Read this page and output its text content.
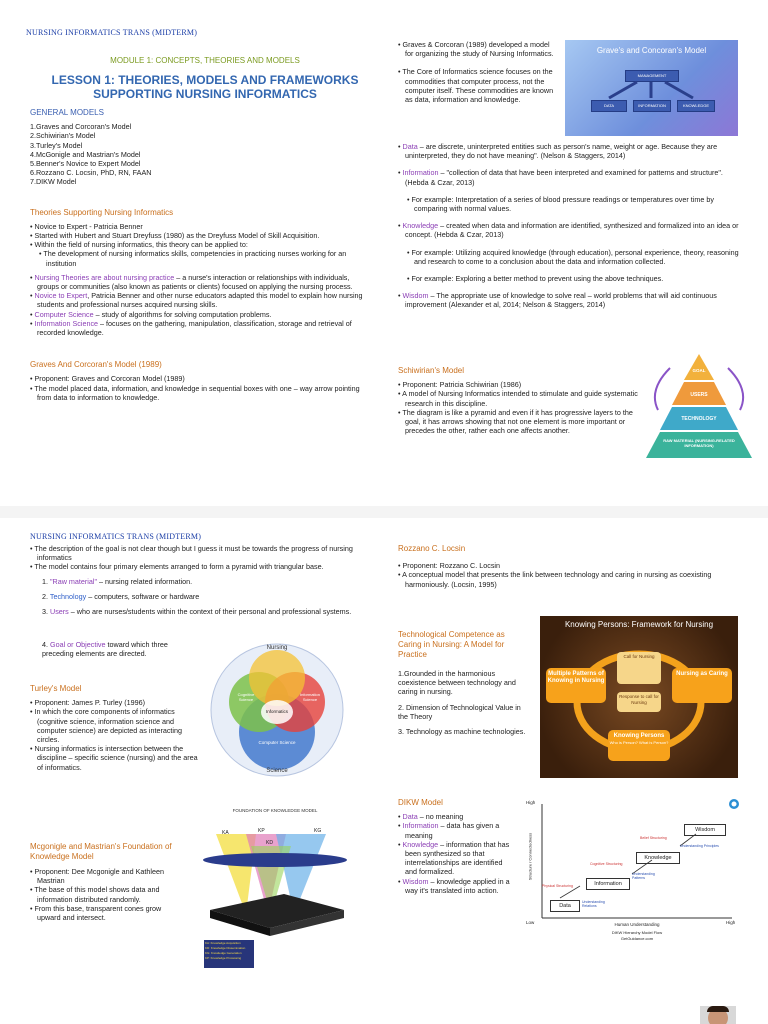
NURSING INFORMATICS TRANS (MIDTERM)
MODULE 1: CONCEPTS, THEORIES AND MODELS
LESSON 1: THEORIES, MODELS AND FRAMEWORKS
SUPPORTING NURSING INFORMATICS
GENERAL MODELS
1.Graves and Corcoran's Model
2.Schiwirian's Model
3.Turley's Model
4.McGonigle and Mastrian's Model
5.Benner's Novice to Expert Model
6.Rozzano C. Locsin, PhD, RN, FAAN
7.DIKW Model
Theories Supporting Nursing Informatics
• Novice to Expert - Patricia Benner
• Started with Hubert and Stuart Dreyfuss (1980) as the Dreyfuss Model of Skill Acquisition.
• Within the field of nursing informatics, this theory can be applied to:
• The development of nursing informatics skills, competencies in practicing nurses working for an institution
• Nursing Theories are about nursing practice – a nurse's interaction or relationships with individuals, groups or communities (also known as patients or clients) focused on applying the nursing process.
• Novice to Expert, Patricia Benner and other nurse educators adapted this model to explain how nursing students and professional nurses acquired nursing skills.
• Computer Science – study of algorithms for solving computation problems.
• Information Science – focuses on the gathering, manipulation, classification, storage and retrieval of recorded knowledge.
Graves And Corcoran's Model (1989)
• Proponent: Graves and Corcoran Model (1989)
• The model placed data, information, and knowledge in sequential boxes with one – way arrow pointing from data to information to knowledge.
• Graves & Corcoran (1989) developed a model for organizing the study of Nursing Informatics.
• The Core of Informatics science focuses on the commodities that computer process, not the computer itself. These commodities are known as data, information and knowledge.
Grave's and Concoran's Model
MANAGEMENT
DATA	INFORMATION	KNOWLEDGE
• Data – are discrete, uninterpreted entities such as person's name, weight or age. Because they are uninterpreted, they do not have meaning". (Nelson & Staggers, 2014)
• Information – "collection of data that have been interpreted and examined for patterns and structure".(Hebda & Czar, 2013)
• For example: Interpretation of a series of blood pressure readings or temperatures over time by comparing with normal values.
• Knowledge – created when data and information are identified, synthesized and formalized into an idea or concept. (Hebda & Czar, 2013)
• For example: Utilizing acquired knowledge (through education), personal experience, theory, reasoning and research to come to a conclusion about the data and information collected.
• For example: Exploring a better method to prevent using the above techniques.
• Wisdom – The appropriate use of knowledge to solve real – world problems that will aid continuous improvement (Alexander et al, 2014; Nelson & Staggers, 2014)
Schiwirian's Model
• Proponent: Patricia Schiwirian (1986)
• A model of Nursing Informatics intended to stimulate and guide systematic research in this discipline.
• The diagram is like a pyramid and even if it has progressive layers to the goal, it has arrows showing that not one element is more important or precedes the other, rather each one affects another.
GOAL
USERS
TECHNOLOGY
RAW MATERIAL (NURSING-RELATED INFORMATION)
NURSING INFORMATICS TRANS (MIDTERM)
• The description of the goal is not clear though but I guess it must be towards the progress of nursing informatics
• The model contains four primary elements arranged to form a pyramid with triangular base.

1. "Raw material" – nursing related information.

2. Technology – computers, software or hardware

3. Users – who are nurses/students within the context of their personal and professional systems.

4. Goal or Objective toward which three preceding elements are directed.

Turley's Model
• Proponent: James P. Turley (1996)
• In which the core components of informatics (cognitive science, information science and computer science) are depicted as interacting circles.
• Nursing informatics is intersection between the discipline – specific science (nursing) and the area of informatics.
Nursing
Cognitive Science
Information Science
Informatics
Computer Science
Science
Mcgonigle and Mastrian's Foundation of Knowledge Model
• Proponent: Dee Mcgonigle and Kathleen Mastrian
• The base of this model shows data and information distributed randomly.
• From this base, transparent cones grow upward and intersect.
FOUNDATION OF KNOWLEDGE MODEL
KA	KP
KD
KG
KA: Knowledge Acquisition
KD: Knowledge Dissemination
KG: Knowledge Generation
KP: Knowledge Processing
Rozzano C. Locsin
• Proponent: Rozzano C. Locsin
• A conceptual model that presents the link between technology and caring in nursing as coexisting harmoniously. (Locsin, 1995)
Technological Competence as Caring in Nursing: A Model for Practice

1.Grounded in the harmonious coexistence between technology and caring in nursing.

2. Dimension of Technological Value in the Theory

3. Technology as machine technologies.

Knowing Persons: Framework for Nursing
Call for Nursing
Response to call for Nursing
Multiple Patterns of Knowing in Nursing
Nursing as Caring
Knowing Persons
Who is Person? What is Person?
DIKW Model
• Data – no meaning
• Information – data has given a meaning
• Knowledge – information that has been synthesized so that interrelationships are identified and formalized.
• Wisdom – knowledge applied in a way it's translated into action.
High
Structure / Connectedness
Low	High
Human Understanding
DIKW Hierarchy Model Flow
GetGuidance.com
Data
Information
Knowledge
Wisdom
Physical Structuring
Cognitive Structuring
Belief Structuring
Understanding Relations
Understanding Patterns
Understanding Principles
